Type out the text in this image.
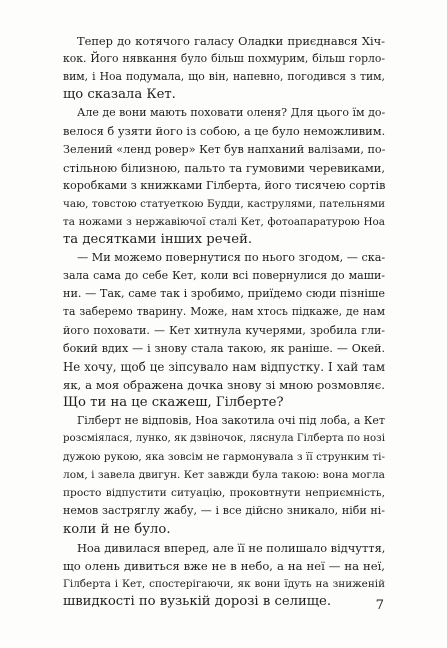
Тепер до котячого галасу Оладки приєднався Хіч-
кок. Його нявкання було більш похмурим, більш горло-
вим, і Ноа подумала, що він, напевно, погодився з тим,
що сказала Кет.
Але де вони мають поховати оленя? Для цього їм до-
велося б узяти його із собою, а це було неможливим.
Зелений «ленд ровер» Кет був напханий валізами, по-
стільною білизною, пальто та гумовими черевиками,
коробками з книжками Гілберта, його тисячею сортів
чаю, товстою статуеткою Будди, каструлями, пательнями
та ножами з нержавіючої сталі Кет, фотоапаратурою Ноа
та десятками інших речей.
— Ми можемо повернутися по нього згодом, — ска-
зала сама до себе Кет, коли всі повернулися до маши-
ни. — Так, саме так і зробимо, приїдемо сюди пізніше
та заберемо тварину. Може, нам хтось підкаже, де нам
його поховати. — Кет хитнула кучерями, зробила гли-
бокий вдих — і знову стала такою, як раніше. — Окей.
Не хочу, щоб це зіпсувало нам відпустку. І хай там
як, а моя ображена дочка знову зі мною розмовляє.
Що ти на це скажеш, Гілберте?
Гілберт не відповів, Ноа закотила очі під лоба, а Кет
розсміялася, лунко, як дзвіночок, ляснула Гілберта по нозі
дужою рукою, яка зовсім не гармонувала з її струнким ті-
лом, і завела двигун. Кет завжди була такою: вона могла
просто відпустити ситуацію, проковтнути неприємність,
немов застряглу жабу, — і все дійсно зникало, ніби ні-
коли й не було.
Ноа дивилася вперед, але її не полишало відчуття,
що олень дивиться вже не в небо, а на неї — на неї,
Гілберта і Кет, спостерігаючи, як вони їдуть на зниженій
швидкості по вузькій дорозі в селище.	7
